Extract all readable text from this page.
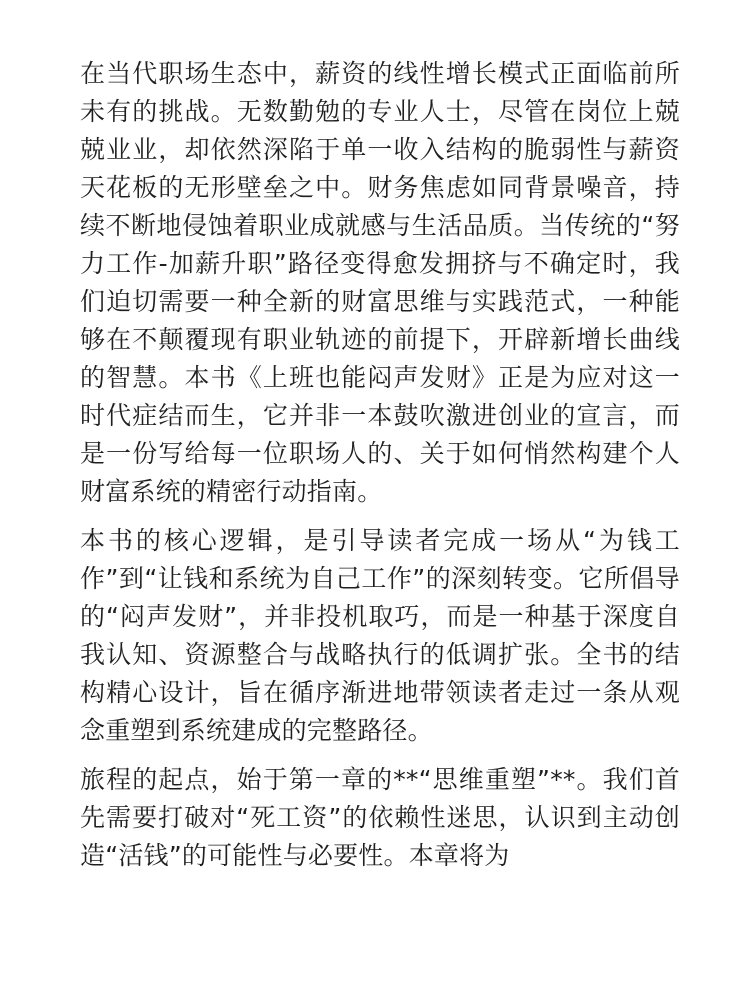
在当代职场生态中，薪资的线性增长模式正面临前所未有的挑战。无数勤勉的专业人士，尽管在岗位上兢兢业业，却依然深陷于单一收入结构的脆弱性与薪资天花板的无形壁垒之中。财务焦虑如同背景噪音，持续不断地侵蚀着职业成就感与生活品质。当传统的“努力工作-加薪升职”路径变得愈发拥挤与不确定时，我们迫切需要一种全新的财富思维与实践范式，一种能够在不颠覆现有职业轨迹的前提下，开辟新增长曲线的智慧。本书《上班也能闷声发财》正是为应对这一时代症结而生，它并非一本鼓吹激进创业的宣言，而是一份写给每一位职场人的、关于如何悄然构建个人财富系统的精密行动指南。

本书的核心逻辑，是引导读者完成一场从“为钱工作”到“让钱和系统为自己工作”的深刻转变。它所倡导的“闷声发财”，并非投机取巧，而是一种基于深度自我认知、资源整合与战略执行的低调扩张。全书的结构精心设计，旨在循序渐进地带领读者走过一条从观念重塑到系统建成的完整路径。

旅程的起点，始于第一章的**“思维重塑”**。我们首先需要打破对“死工资”的依赖性迷思，认识到主动创造“活钱”的可能性与必要性。本章将为
